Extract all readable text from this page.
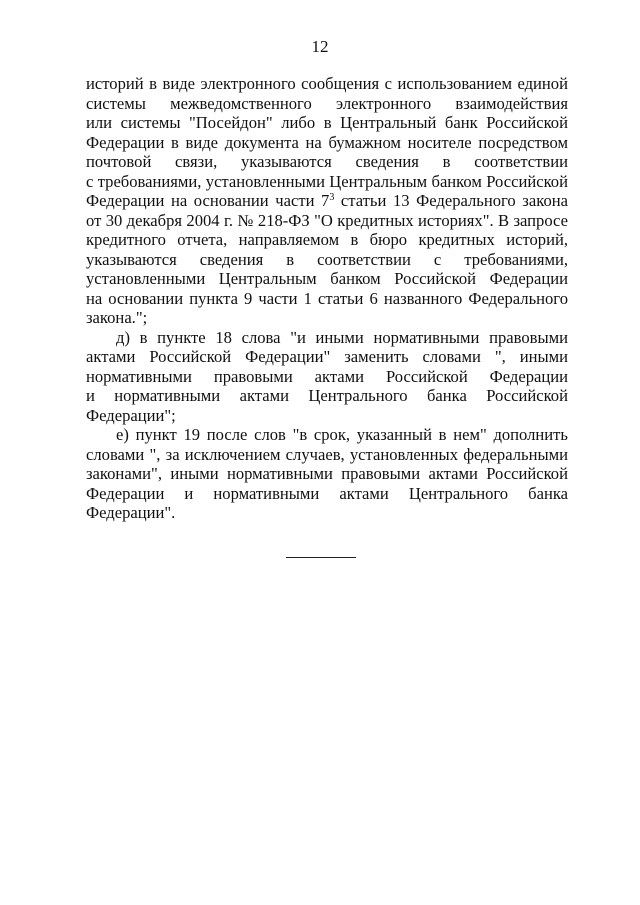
12
историй в виде электронного сообщения с использованием единой
системы межведомственного электронного взаимодействия
или системы "Посейдон" либо в Центральный банк Российской
Федерации в виде документа на бумажном носителе посредством
почтовой связи, указываются сведения в соответствии
с требованиями, установленными Центральным банком Российской
Федерации на основании части $7^3$ статьи 13 Федерального закона
от 30 декабря 2004 г. № 218-ФЗ "О кредитных историях". В запросе
кредитного отчета, направляемом в бюро кредитных историй,
указываются сведения в соответствии с требованиями,
установленными Центральным банком Российской Федерации
на основании пункта 9 части 1 статьи 6 названного Федерального
закона.";
д) в пункте 18 слова "и иными нормативными правовыми
актами Российской Федерации" заменить словами ", иными
нормативными правовыми актами Российской Федерации
и нормативными актами Центрального банка Российской
Федерации";
е) пункт 19 после слов "в срок, указанный в нем" дополнить
словами ", за исключением случаев, установленных федеральными
законами", иными нормативными правовыми актами Российской
Федерации и нормативными актами Центрального банка
Федерации".
